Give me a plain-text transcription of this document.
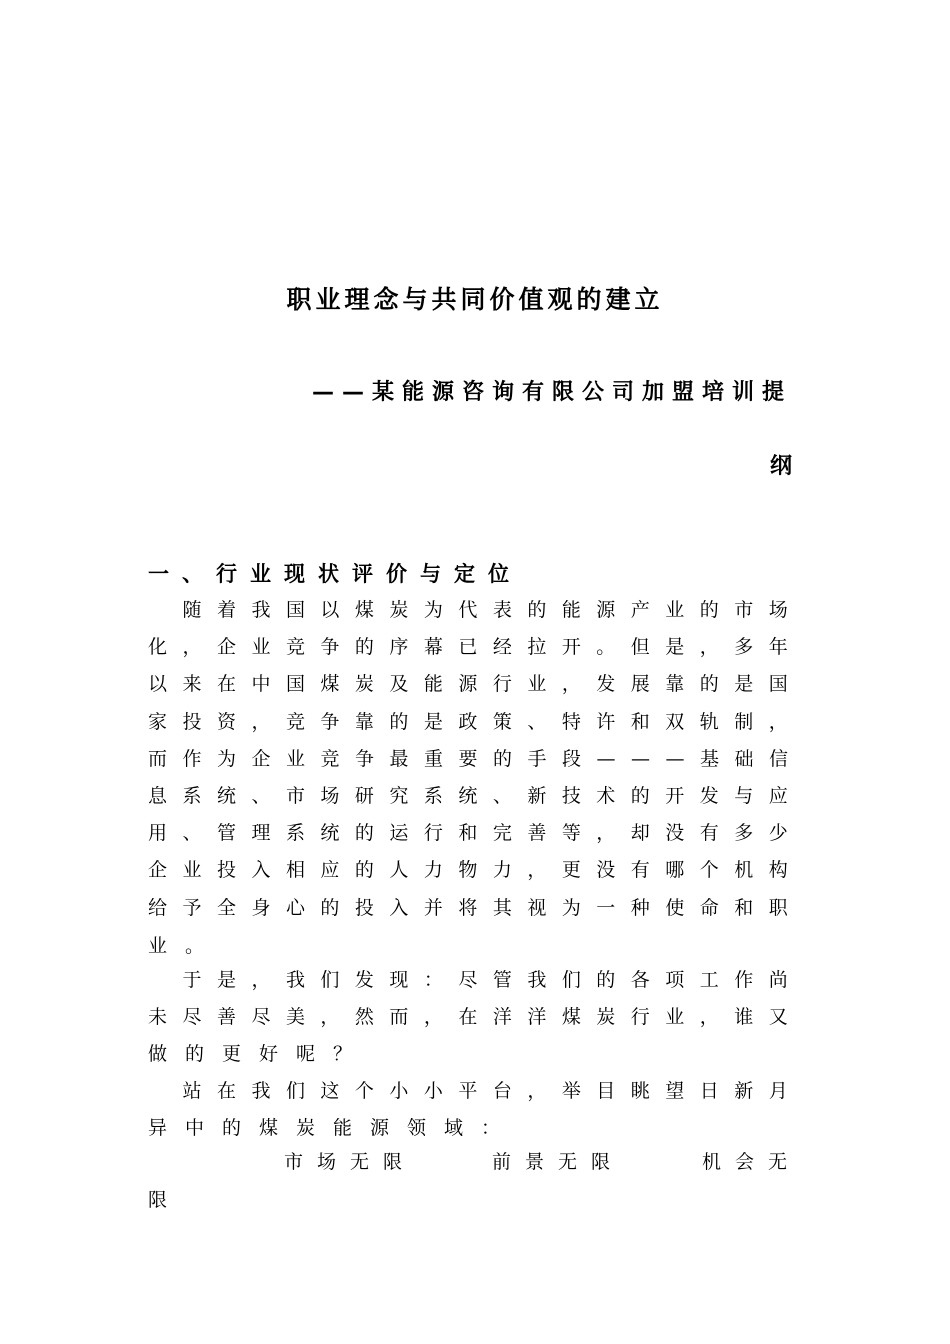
职业理念与共同价值观的建立
——某能源咨询有限公司加盟培训提
纲
一、行业现状评价与定位

随 着 我 国 以 煤 炭 为 代 表 的 能 源 产 业 的 市 场
化 ， 企 业 竞 争 的 序 幕 已 经 拉 开 。 但 是 ， 多 年
以 来 在 中 国 煤 炭 及 能 源 行 业 ， 发 展 靠 的 是 国
家 投 资 ， 竞 争 靠 的 是 政 策 、 特 许 和 双 轨 制 ，
而 作 为 企 业 竞 争 最 重 要 的 手 段 — — — 基 础 信
息 系 统 、 市 场 研 究 系 统 、 新 技 术 的 开 发 与 应
用 、 管 理 系 统 的 运 行 和 完 善 等 ， 却 没 有 多 少
企 业 投 入 相 应 的 人 力 物 力 ， 更 没 有 哪 个 机 构
给 予 全 身 心 的 投 入 并 将 其 视 为 一 种 使 命 和 职
业。

于 是 ， 我 们 发 现 ： 尽 管 我 们 的 各 项 工 作 尚
未 尽 善 尽 美 ， 然 而 ， 在 洋 洋 煤 炭 行 业 ， 谁 又
做的更好呢？

站 在 我 们 这 个 小 小 平 台 ， 举 目 眺 望 日 新 月
异中的煤炭能源领域：
市场无限	前景无限	机会无
限
